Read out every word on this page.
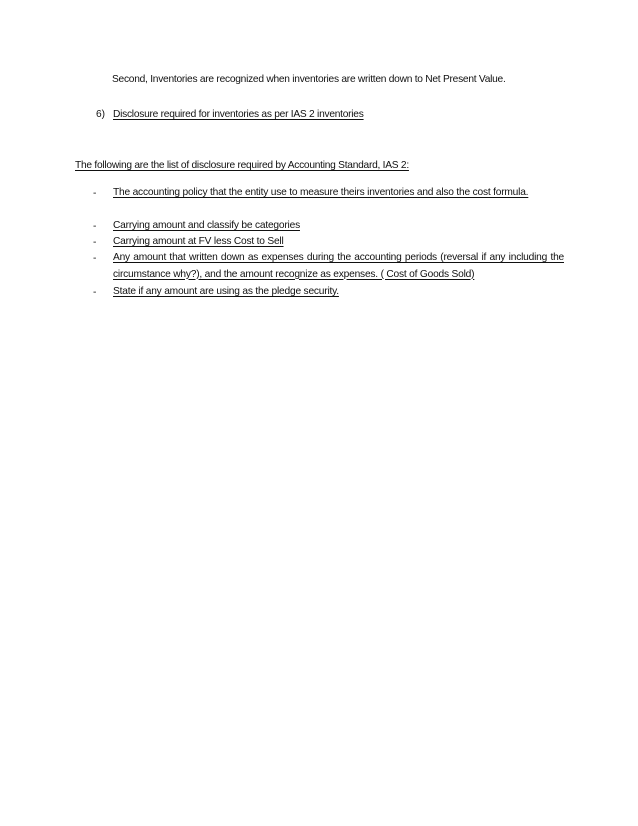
Second, Inventories are recognized when inventories are written down to Net Present Value.
6) Disclosure required for inventories as per IAS 2 inventories
The following are the list of disclosure required by Accounting Standard, IAS 2:
- The accounting policy that the entity use to measure theirs inventories and also the cost formula.
- Carrying amount and classify be categories
- Carrying amount at FV less Cost to Sell
- Any amount that written down as expenses during the accounting periods (reversal if any including the circumstance why?), and the amount recognize as expenses. ( Cost of Goods Sold)
- State if any amount are using as the pledge security.
